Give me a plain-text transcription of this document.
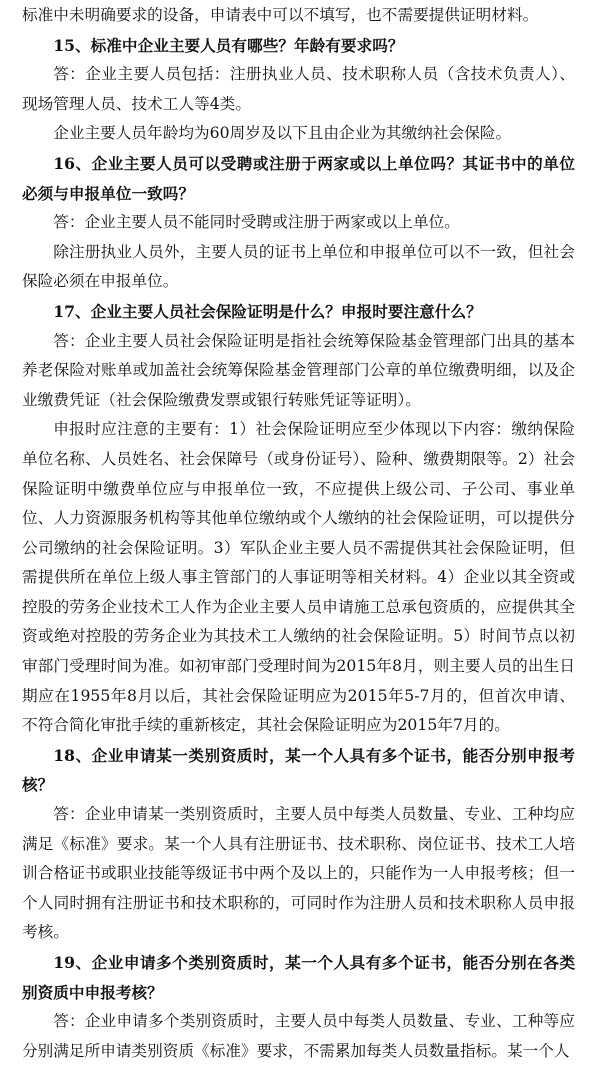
标准中未明确要求的设备，申请表中可以不填写，也不需要提供证明材料。

15、标准中企业主要人员有哪些？年龄有要求吗？

答：企业主要人员包括：注册执业人员、技术职称人员（含技术负责人）、现场管理人员、技术工人等4类。

企业主要人员年龄均为60周岁及以下且由企业为其缴纳社会保险。

16、企业主要人员可以受聘或注册于两家或以上单位吗？其证书中的单位必须与申报单位一致吗？

答：企业主要人员不能同时受聘或注册于两家或以上单位。

除注册执业人员外，主要人员的证书上单位和申报单位可以不一致，但社会保险必须在申报单位。

17、企业主要人员社会保险证明是什么？申报时要注意什么？

答：企业主要人员社会保险证明是指社会统筹保险基金管理部门出具的基本养老保险对账单或加盖社会统筹保险基金管理部门公章的单位缴费明细，以及企业缴费凭证（社会保险缴费发票或银行转账凭证等证明）。

申报时应注意的主要有：1）社会保险证明应至少体现以下内容：缴纳保险单位名称、人员姓名、社会保障号（或身份证号）、险种、缴费期限等。2）社会保险证明中缴费单位应与申报单位一致，不应提供上级公司、子公司、事业单位、人力资源服务机构等其他单位缴纳或个人缴纳的社会保险证明，可以提供分公司缴纳的社会保险证明。3）军队企业主要人员不需提供其社会保险证明，但需提供所在单位上级人事主管部门的人事证明等相关材料。4）企业以其全资或控股的劳务企业技术工人作为企业主要人员申请施工总承包资质的，应提供其全资或绝对控股的劳务企业为其技术工人缴纳的社会保险证明。5）时间节点以初审部门受理时间为准。如初审部门受理时间为2015年8月，则主要人员的出生日期应在1955年8月以后，其社会保险证明应为2015年5-7月的，但首次申请、不符合简化审批手续的重新核定，其社会保险证明应为2015年7月的。

18、企业申请某一类别资质时，某一个人具有多个证书，能否分别申报考核？

答：企业申请某一类别资质时，主要人员中每类人员数量、专业、工种均应满足《标准》要求。某一个人具有注册证书、技术职称、岗位证书、技术工人培训合格证书或职业技能等级证书中两个及以上的，只能作为一人申报考核；但一个人同时拥有注册证书和技术职称的，可同时作为注册人员和技术职称人员申报考核。

19、企业申请多个类别资质时，某一个人具有多个证书，能否分别在各类别资质中申报考核？

答：企业申请多个类别资质时，主要人员中每类人员数量、专业、工种等应分别满足所申请类别资质《标准》要求，不需累加每类人员数量指标。某一个人
